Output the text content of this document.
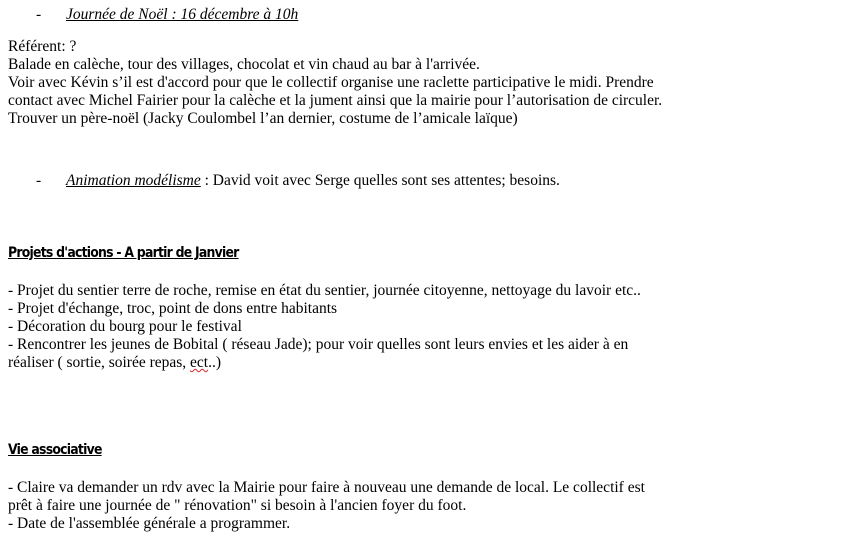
- Journée de Noël : 16 décembre à 10h
Référent: ?
Balade en calèche, tour des villages, chocolat et vin chaud au bar à l'arrivée.
Voir avec Kévin s’il est d'accord pour que le collectif organise une raclette participative le midi. Prendre
contact avec Michel Fairier pour la calèche et la jument ainsi que la mairie pour l’autorisation de circuler.
Trouver un père-noël (Jacky Coulombel l’an dernier, costume de l’amicale laïque)
- Animation modélisme : David voit avec Serge quelles sont ses attentes; besoins.
Projets d'actions - A partir de Janvier
- Projet du sentier terre de roche, remise en état du sentier, journée citoyenne, nettoyage du lavoir etc..
- Projet d'échange, troc, point de dons entre habitants
- Décoration du bourg pour le festival
- Rencontrer les jeunes de Bobital ( réseau Jade); pour voir quelles sont leurs envies et les aider à en
réaliser ( sortie, soirée repas, ect..)
Vie associative
- Claire va demander un rdv avec la Mairie pour faire à nouveau une demande de local. Le collectif est
prêt à faire une journée de " rénovation" si besoin à l'ancien foyer du foot.
- Date de l'assemblée générale a programmer.
